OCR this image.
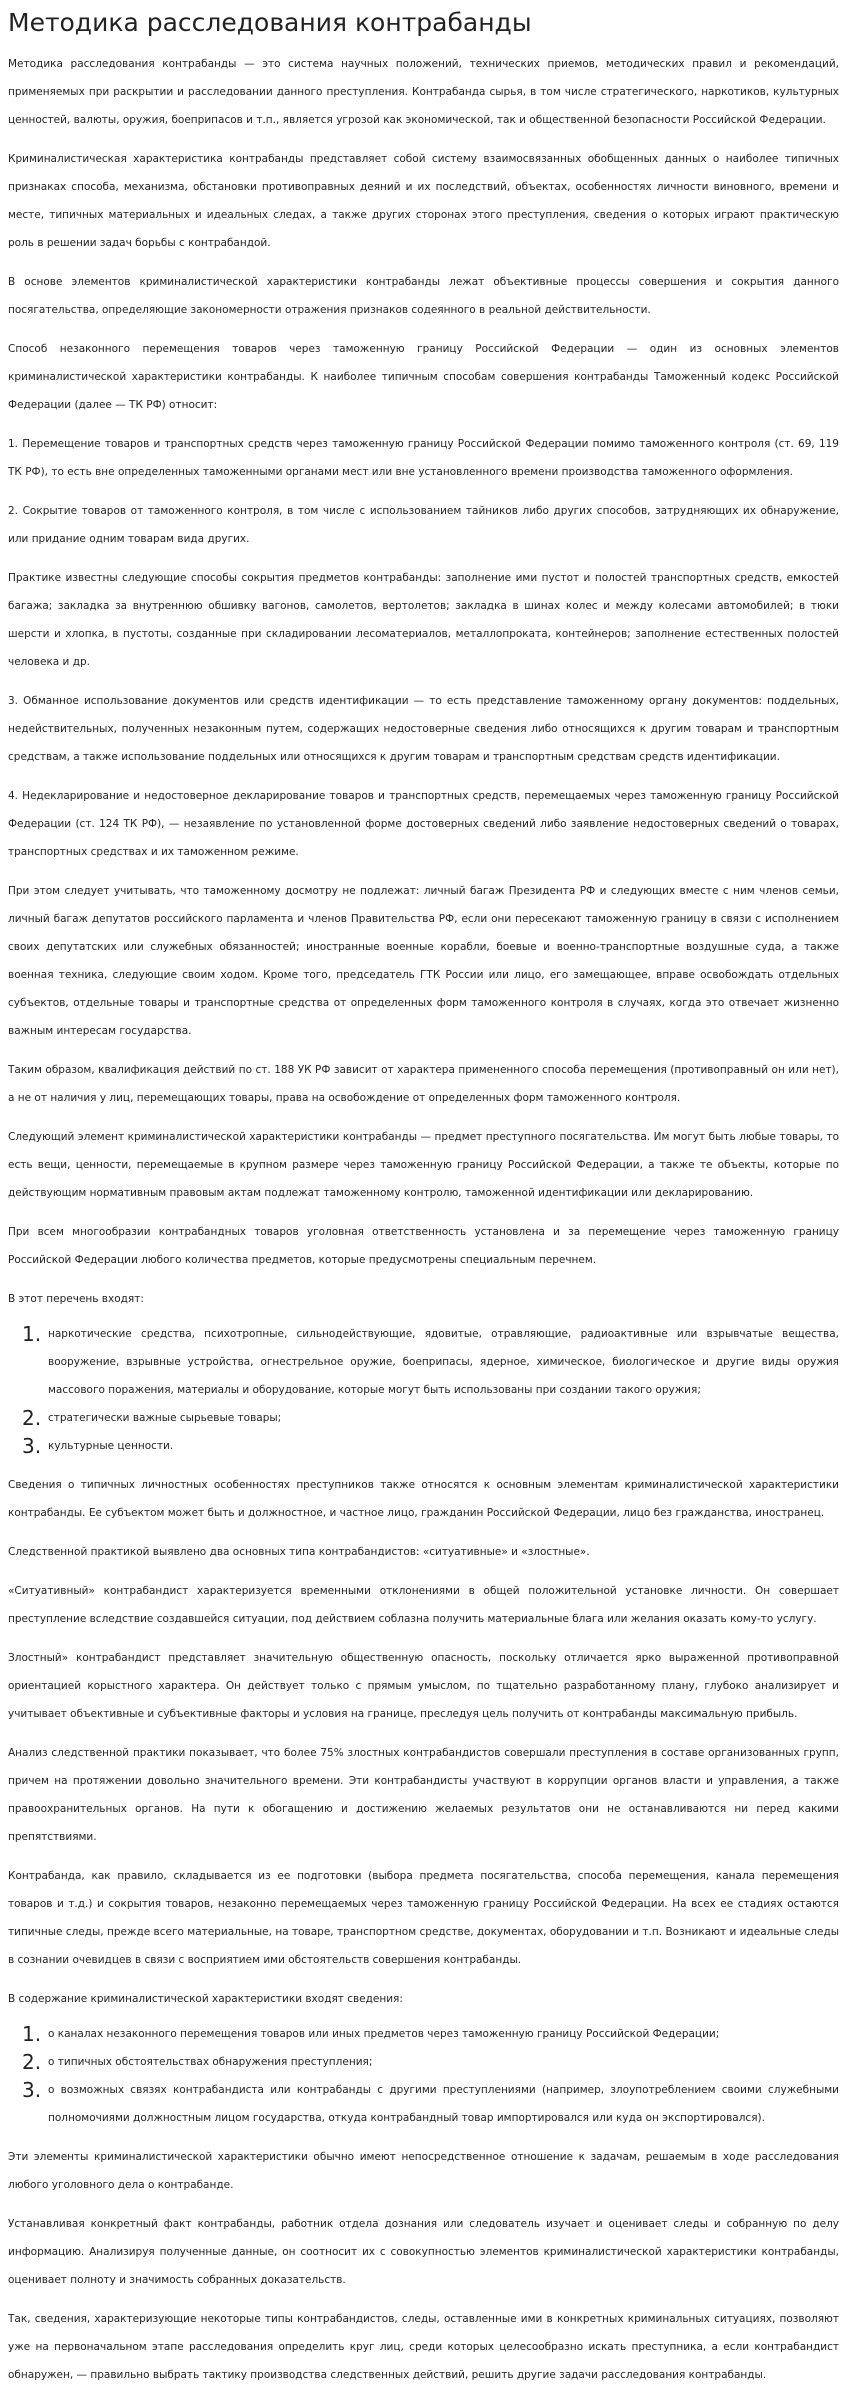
Методика расследования контрабанды

Методика расследования контрабанды — это система научных положений, технических приемов, методических правил и рекомендаций, применяемых при раскрытии и расследовании данного преступления. Контрабанда сырья, в том числе стратегического, наркотиков, культурных ценностей, валюты, оружия, боеприпасов и т.п., является угрозой как экономической, так и общественной безопасности Российской Федерации.

Криминалистическая характеристика контрабанды представляет собой систему взаимосвязанных обобщенных данных о наиболее типичных признаках способа, механизма, обстановки противоправных деяний и их последствий, объектах, особенностях личности виновного, времени и месте, типичных материальных и идеальных следах, а также других сторонах этого преступления, сведения о которых играют практическую роль в решении задач борьбы с контрабандой.

В основе элементов криминалистической характеристики контрабанды лежат объективные процессы совершения и сокрытия данного посягательства, определяющие закономерности отражения признаков содеянного в реальной действительности.

Способ незаконного перемещения товаров через таможенную границу Российской Федерации — один из основных элементов криминалистической характеристики контрабанды. К наиболее типичным способам совершения контрабанды Таможенный кодекс Российской Федерации (далее — ТК РФ) относит:

1. Перемещение товаров и транспортных средств через таможенную границу Российской Федерации помимо таможенного контроля (ст. 69, 119 ТК РФ), то есть вне определенных таможенными органами мест или вне установленного времени производства таможенного оформления.

2. Сокрытие товаров от таможенного контроля, в том числе с использованием тайников либо других способов, затрудняющих их обнаружение, или придание одним товарам вида других.

Практике известны следующие способы сокрытия предметов контрабанды: заполнение ими пустот и полостей транспортных средств, емкостей багажа; закладка за внутреннюю обшивку вагонов, самолетов, вертолетов; закладка в шинах колес и между колесами автомобилей; в тюки шерсти и хлопка, в пустоты, созданные при складировании лесоматериалов, металлопроката, контейнеров; заполнение естественных полостей человека и др.

3. Обманное использование документов или средств идентификации — то есть представление таможенному органу документов: поддельных, недействительных, полученных незаконным путем, содержащих недостоверные сведения либо относящихся к другим товарам и транспортным средствам, а также использование поддельных или относящихся к другим товарам и транспортным средствам средств идентификации.

4. Недекларирование и недостоверное декларирование товаров и транспортных средств, перемещаемых через таможенную границу Российской Федерации (ст. 124 ТК РФ), — незаявление по установленной форме достоверных сведений либо заявление недостоверных сведений о товарах, транспортных средствах и их таможенном режиме.

При этом следует учитывать, что таможенному досмотру не подлежат: личный багаж Президента РФ и следующих вместе с ним членов семьи, личный багаж депутатов российского парламента и членов Правительства РФ, если они пересекают таможенную границу в связи с исполнением своих депутатских или служебных обязанностей; иностранные военные корабли, боевые и военно-транспортные воздушные суда, а также военная техника, следующие своим ходом. Кроме того, председатель ГТК России или лицо, его замещающее, вправе освобождать отдельных субъектов, отдельные товары и транспортные средства от определенных форм таможенного контроля в случаях, когда это отвечает жизненно важным интересам государства.

Таким образом, квалификация действий по ст. 188 УК РФ зависит от характера примененного способа перемещения (противоправный он или нет), а не от наличия у лиц, перемещающих товары, права на освобождение от определенных форм таможенного контроля.

Следующий элемент криминалистической характеристики контрабанды — предмет преступного посягательства. Им могут быть любые товары, то есть вещи, ценности, перемещаемые в крупном размере через таможенную границу Российской Федерации, а также те объекты, которые по действующим нормативным правовым актам подлежат таможенному контролю, таможенной идентификации или декларированию.

При всем многообразии контрабандных товаров уголовная ответственность установлена и за перемещение через таможенную границу Российской Федерации любого количества предметов, которые предусмотрены специальным перечнем.

В этот перечень входят:

1. наркотические средства, психотропные, сильнодействующие, ядовитые, отравляющие, радиоактивные или взрывчатые вещества, вооружение, взрывные устройства, огнестрельное оружие, боеприпасы, ядерное, химическое, биологическое и другие виды оружия массового поражения, материалы и оборудование, которые могут быть использованы при создании такого оружия;
2. стратегически важные сырьевые товары;
3. культурные ценности.

Сведения о типичных личностных особенностях преступников также относятся к основным элементам криминалистической характеристики контрабанды. Ее субъектом может быть и должностное, и частное лицо, гражданин Российской Федерации, лицо без гражданства, иностранец.

Следственной практикой выявлено два основных типа контрабандистов: «ситуативные» и «злостные».

«Ситуативный» контрабандист характеризуется временными отклонениями в общей положительной установке личности. Он совершает преступление вследствие создавшейся ситуации, под действием соблазна получить материальные блага или желания оказать кому-то услугу.

Злостный» контрабандист представляет значительную общественную опасность, поскольку отличается ярко выраженной противоправной ориентацией корыстного характера. Он действует только с прямым умыслом, по тщательно разработанному плану, глубоко анализирует и учитывает объективные и субъективные факторы и условия на границе, преследуя цель получить от контрабанды максимальную прибыль.

Анализ следственной практики показывает, что более 75% злостных контрабандистов совершали преступления в составе организованных групп, причем на протяжении довольно значительного времени. Эти контрабандисты участвуют в коррупции органов власти и управления, а также правоохранительных органов. На пути к обогащению и достижению желаемых результатов они не останавливаются ни перед какими препятствиями.

Контрабанда, как правило, складывается из ее подготовки (выбора предмета посягательства, способа перемещения, канала перемещения товаров и т.д.) и сокрытия товаров, незаконно перемещаемых через таможенную границу Российской Федерации. На всех ее стадиях остаются типичные следы, прежде всего материальные, на товаре, транспортном средстве, документах, оборудовании и т.п. Возникают и идеальные следы в сознании очевидцев в связи с восприятием ими обстоятельств совершения контрабанды.

В содержание криминалистической характеристики входят сведения:

1. о каналах незаконного перемещения товаров или иных предметов через таможенную границу Российской Федерации;
2. о типичных обстоятельствах обнаружения преступления;
3. о возможных связях контрабандиста или контрабанды с другими преступлениями (например, злоупотреблением своими служебными полномочиями должностным лицом государства, откуда контрабандный товар импортировался или куда он экспортировался).

Эти элементы криминалистической характеристики обычно имеют непосредственное отношение к задачам, решаемым в ходе расследования любого уголовного дела о контрабанде.

Устанавливая конкретный факт контрабанды, работник отдела дознания или следователь изучает и оценивает следы и собранную по делу информацию. Анализируя полученные данные, он соотносит их с совокупностью элементов криминалистической характеристики контрабанды, оценивает полноту и значимость собранных доказательств.

Так, сведения, характеризующие некоторые типы контрабандистов, следы, оставленные ими в конкретных криминальных ситуациях, позволяют уже на первоначальном этапе расследования определить круг лиц, среди которых целесообразно искать преступника, а если контрабандист обнаружен, — правильно выбрать тактику производства следственных действий, решить другие задачи расследования контрабанды.
